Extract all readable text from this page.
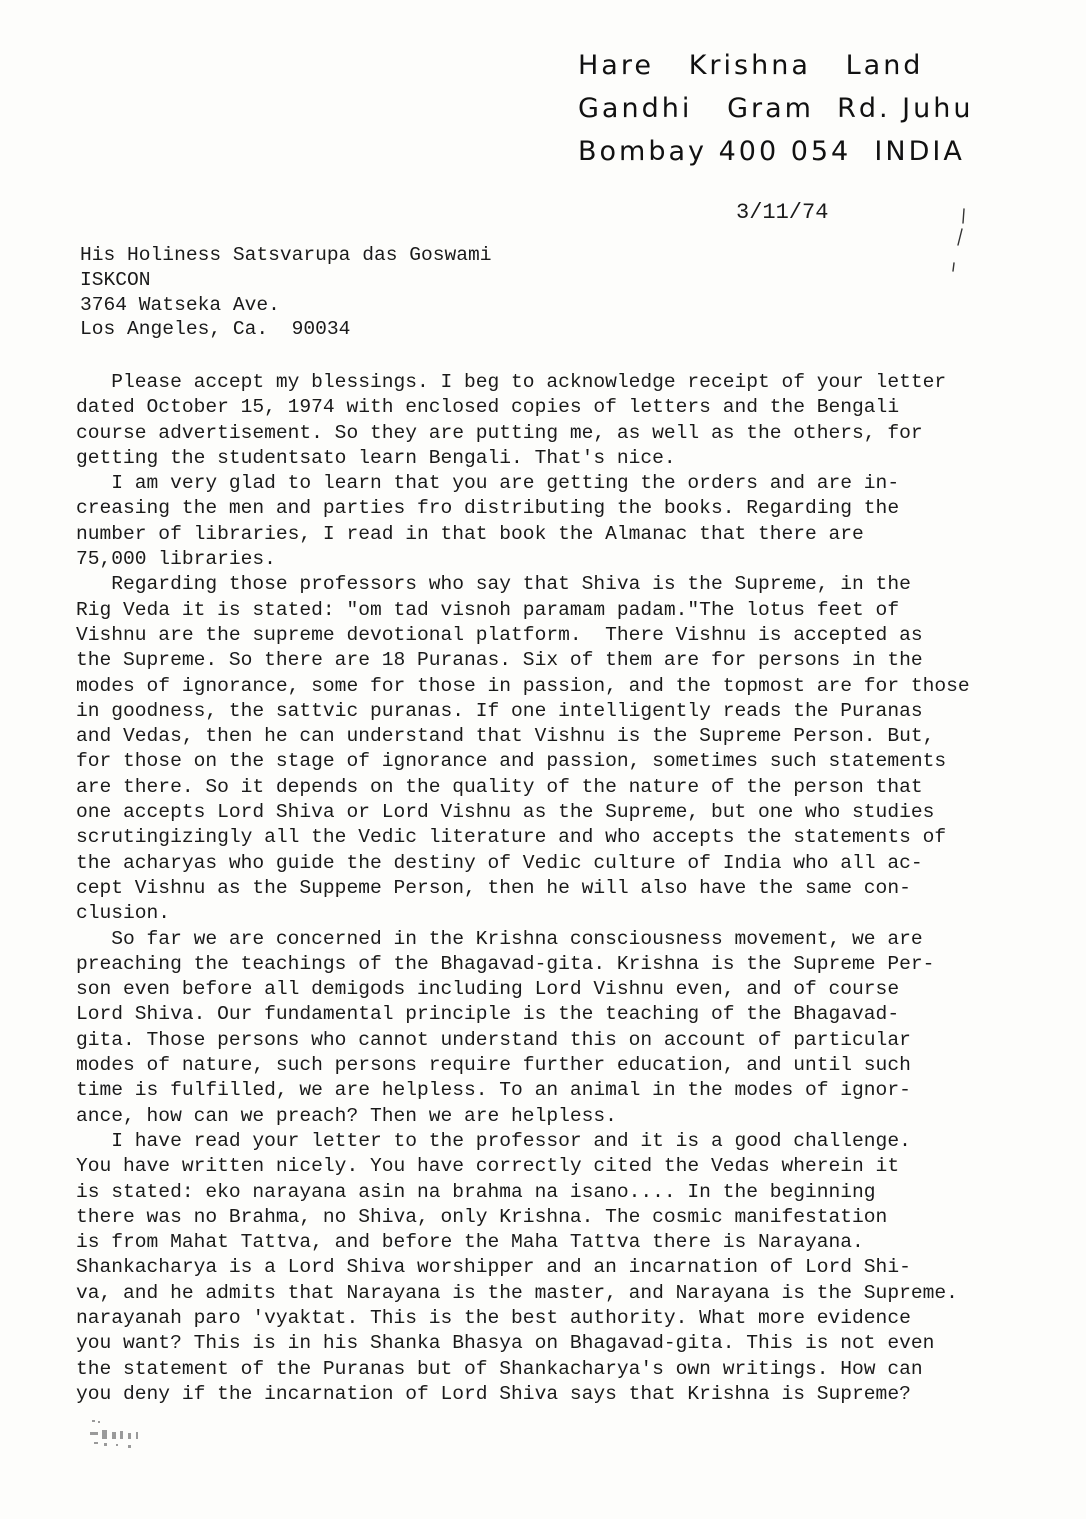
Hare   Krishna   Land
Gandhi   Gram  Rd. Juhu
Bombay 400 054  INDIA
3/11/74
His Holiness Satsvarupa das Goswami
ISKCON
3764 Watseka Ave.
Los Angeles, Ca.  90034
Please accept my blessings. I beg to acknowledge receipt of your letter
dated October 15, 1974 with enclosed copies of letters and the Bengali
course advertisement. So they are putting me, as well as the others, for
getting the studentsato learn Bengali. That's nice.
I am very glad to learn that you are getting the orders and are in-
creasing the men and parties fro distributing the books. Regarding the
number of libraries, I read in that book the Almanac that there are
75,000 libraries.
Regarding those professors who say that Shiva is the Supreme, in the
Rig Veda it is stated: "om tad visnoh paramam padam."The lotus feet of
Vishnu are the supreme devotional platform.  There Vishnu is accepted as
the Supreme. So there are 18 Puranas. Six of them are for persons in the
modes of ignorance, some for those in passion, and the topmost are for those
in goodness, the sattvic puranas. If one intelligently reads the Puranas
and Vedas, then he can understand that Vishnu is the Supreme Person. But,
for those on the stage of ignorance and passion, sometimes such statements
are there. So it depends on the quality of the nature of the person that
one accepts Lord Shiva or Lord Vishnu as the Supreme, but one who studies
scrutingizingly all the Vedic literature and who accepts the statements of
the acharyas who guide the destiny of Vedic culture of India who all ac-
cept Vishnu as the Suppeme Person, then he will also have the same con-
clusion.
So far we are concerned in the Krishna consciousness movement, we are
preaching the teachings of the Bhagavad-gita. Krishna is the Supreme Per-
son even before all demigods including Lord Vishnu even, and of course
Lord Shiva. Our fundamental principle is the teaching of the Bhagavad-
gita. Those persons who cannot understand this on account of particular
modes of nature, such persons require further education, and until such
time is fulfilled, we are helpless. To an animal in the modes of ignor-
ance, how can we preach? Then we are helpless.
I have read your letter to the professor and it is a good challenge.
You have written nicely. You have correctly cited the Vedas wherein it
is stated: eko narayana asin na brahma na isano.... In the beginning
there was no Brahma, no Shiva, only Krishna. The cosmic manifestation
is from Mahat Tattva, and before the Maha Tattva there is Narayana.
Shankacharya is a Lord Shiva worshipper and an incarnation of Lord Shi-
va, and he admits that Narayana is the master, and Narayana is the Supreme.
narayanah paro 'vyaktat. This is the best authority. What more evidence
you want? This is in his Shanka Bhasya on Bhagavad-gita. This is not even
the statement of the Puranas but of Shankacharya's own writings. How can
you deny if the incarnation of Lord Shiva says that Krishna is Supreme?
